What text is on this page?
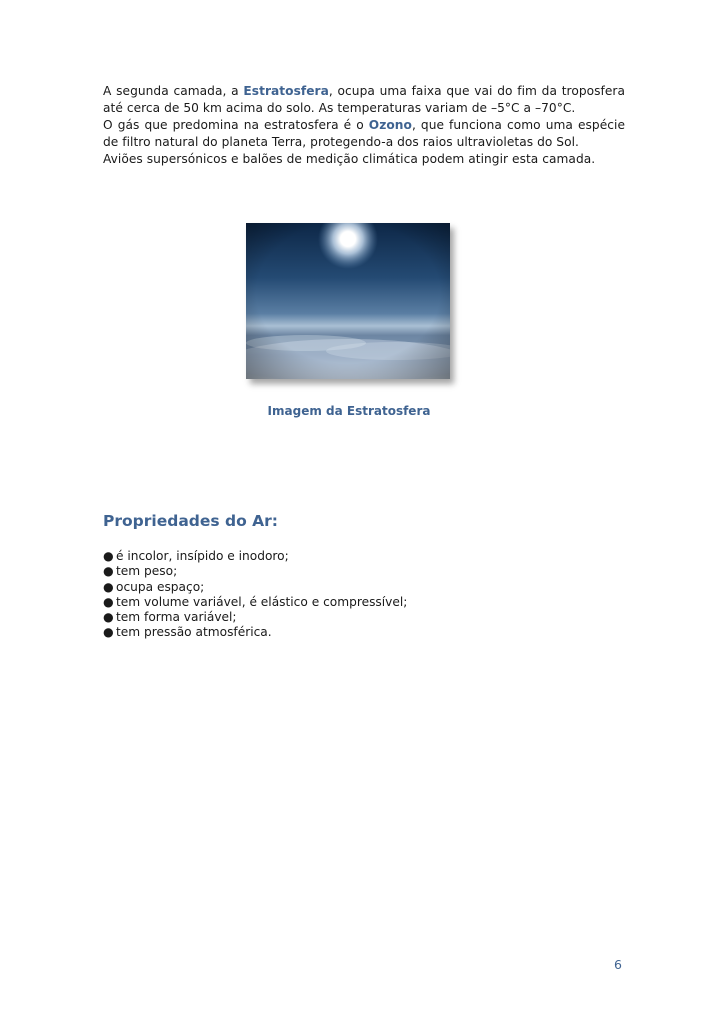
A segunda camada, a Estratosfera, ocupa uma faixa que vai do fim da troposfera
até cerca de 50 km acima do solo. As temperaturas variam de –5°C a –70°C.
O gás que predomina na estratosfera é o Ozono, que funciona como uma espécie
de filtro natural do planeta Terra, protegendo-a dos raios ultravioletas do Sol.
Aviões supersónicos e balões de medição climática podem atingir esta camada.
Imagem da Estratosfera
Propriedades do Ar:
● é incolor, insípido e inodoro;
● tem peso;
● ocupa espaço;
● tem volume variável, é elástico e compressível;
● tem forma variável;
● tem pressão atmosférica.
6
